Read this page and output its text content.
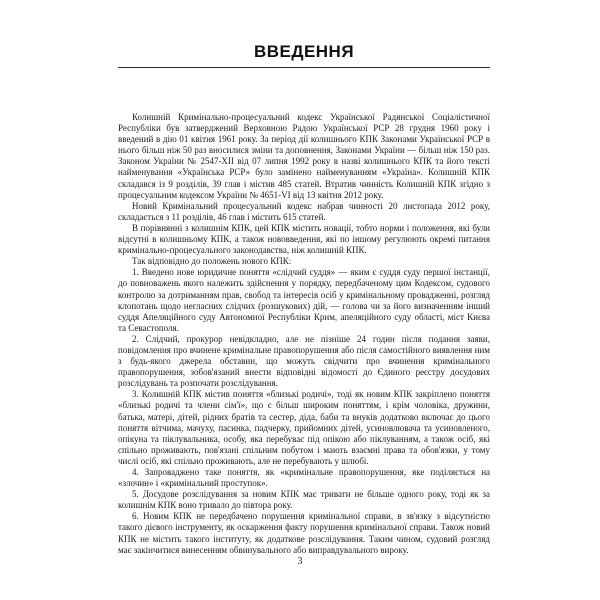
ВВЕДЕННЯ

Колишній Кримінально-процесуальний кодекс Української Радянської Соціалістичної Республіки був затверджений Верховною Радою Української РСР 28 грудня 1960 року і введений в дію 01 квітня 1961 року. За період дії колишнього КПК Законами Української РСР в нього більш ніж 50 раз вносилися зміни та доповнення, Законами України — більш ніж 150 раз. Законом України № 2547-XII від 07 липня 1992 року в назві колишнього КПК та його тексті найменування «Українська РСР» було замінено найменуванням «Україна». Колишній КПК складався із 9 розділів, 39 глав і містив 485 статей. Втратив чинність Колишній КПК згідно з процесуальним кодексом України № 4651-VI від 13 квітня 2012 року.

Новий Кримінальний процесуальний кодекс набрав чинності 20 листопада 2012 року, складається з 11 розділів, 46 глав і містить 615 статей.

В порівнянні з колишнім КПК, цей КПК містить новації, тобто норми і положення, які були відсутні в колишньому КПК, а також нововведення, які по іншому регулюють окремі питання кримінально-процесуального законодавства, ніж колишній КПК.

Так відповідно до положень нового КПК:

1. Введено нове юридичне поняття «слідчий суддя» — яким є суддя суду першої інстанції, до повноважень якого належить здійснення у порядку, передбаченому цим Кодексом, судового контролю за дотриманням прав, свобод та інтересів осіб у кримінальному провадженні, розгляд клопотань щодо негласних слідчих (розшукових) дій, — голова чи за його визначенням інший суддя Апеляційного суду Автономної Республіки Крим, апеляційного суду області, міст Києва та Севастополя.

2. Слідчий, прокурор невідкладно, але не пізніше 24 годин після подання заяви, повідомлення про вчинене кримінальне правопорушення або після самостійного виявлення ним з будь-якого джерела обставин, що можуть свідчити про вчинення кримінального правопорушення, зобов'язаний внести відповідні відомості до Єдиного реєстру досудових розслідувань та розпочати розслідування.

3. Колишній КПК містив поняття «близькі родичі», тоді як новим КПК закріплено поняття «близькі родичі та члени сім'ї», що є більш широким поняттям, і крім чоловіка, дружини, батька, матері, дітей, рідних братів та сестер, діда, баби та внуків додатково включає до цього поняття вітчима, мачуху, пасинка, падчерку, прийомних дітей, усиновлювача та усиновленого, опікуна та піклувальника, особу, яка перебуває під опікою або піклуванням, а також осіб, які спільно проживають, пов'язані спільним побутом і мають взаємні права та обов'язки, у тому числі осіб, які спільно проживають, але не перебувають у шлюбі.

4. Запроваджено таке поняття, як «кримінальне правопорушення, яке поділяється на «злочин» і «кримінальний проступок».

5. Досудове розслідування за новим КПК має тривати не більше одного року, тоді як за колишнім КПК воно тривало до півтора року.

6. Новим КПК не передбачено порушення кримінальної справи, в зв'язку з відсутністю такого дієвого інструменту, як оскарження факту порушення кримінальної справи. Також новий КПК не містить такого інституту, як додаткове розслідування. Таким чином, судовий розгляд має закінчитися винесенням обвинувального або виправдувального вироку.

3
